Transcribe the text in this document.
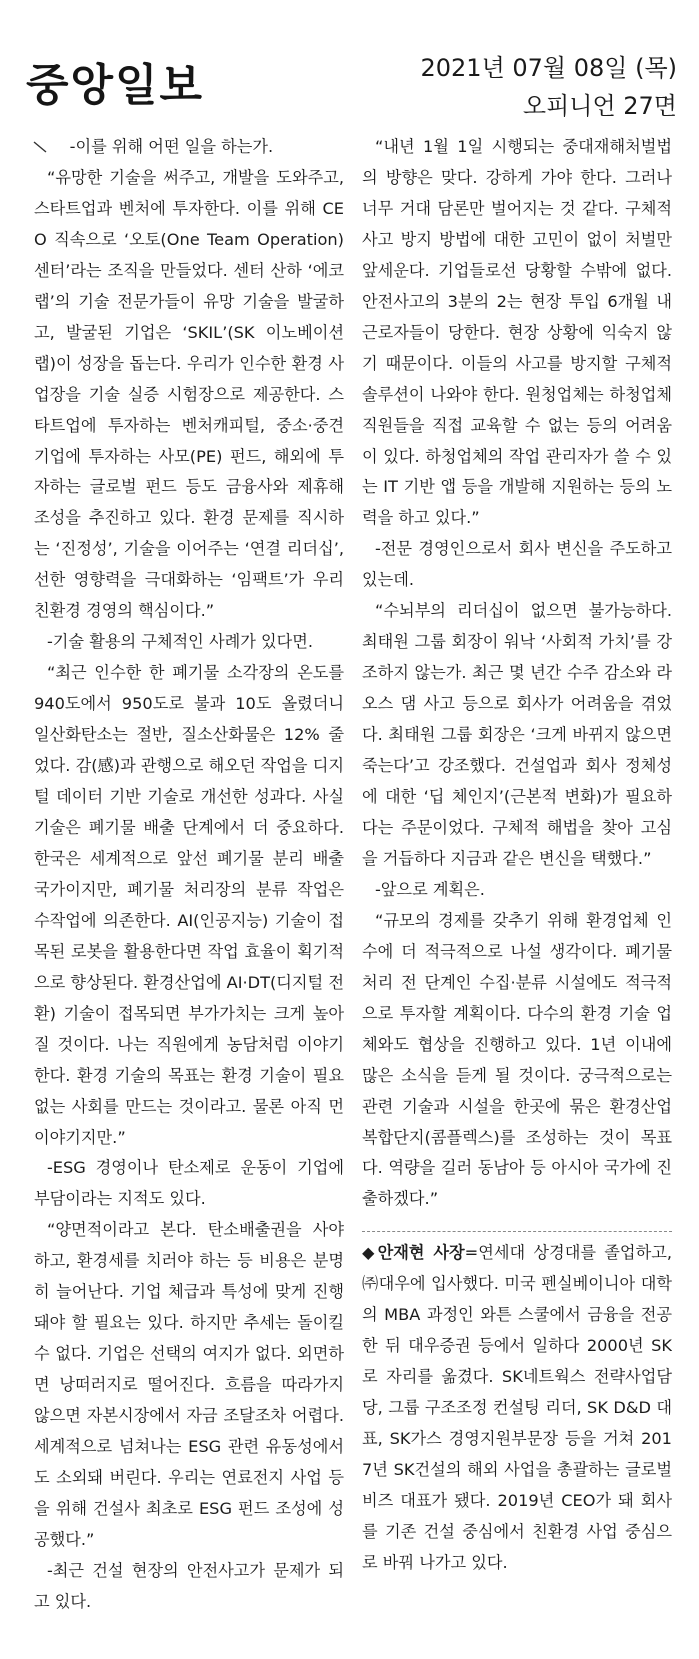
중앙일보	2021년 07월 08일 (목)
오피니언 27면

-이를 위해 어떤 일을 하는가.

“유망한 기술을 써주고, 개발을 도와주고, 스타트업과 벤처에 투자한다. 이를 위해 CEO 직속으로 ‘오토(One Team Operation) 센터’라는 조직을 만들었다. 센터 산하 ‘에코 랩’의 기술 전문가들이 유망 기술을 발굴하고, 발굴된 기업은 ‘SKIL’(SK 이노베이션 랩)이 성장을 돕는다. 우리가 인수한 환경 사업장을 기술 실증 시험장으로 제공한다. 스타트업에 투자하는 벤처캐피털, 중소·중견 기업에 투자하는 사모(PE) 펀드, 해외에 투자하는 글로벌 펀드 등도 금융사와 제휴해 조성을 추진하고 있다. 환경 문제를 직시하는 ‘진정성’, 기술을 이어주는 ‘연결 리더십’, 선한 영향력을 극대화하는 ‘임팩트’가 우리 친환경 경영의 핵심이다.”

-기술 활용의 구체적인 사례가 있다면.

“최근 인수한 한 폐기물 소각장의 온도를 940도에서 950도로 불과 10도 올렸더니 일산화탄소는 절반, 질소산화물은 12% 줄었다. 감(感)과 관행으로 해오던 작업을 디지털 데이터 기반 기술로 개선한 성과다. 사실 기술은 폐기물 배출 단계에서 더 중요하다. 한국은 세계적으로 앞선 폐기물 분리 배출 국가이지만, 폐기물 처리장의 분류 작업은 수작업에 의존한다. AI(인공지능) 기술이 접목된 로봇을 활용한다면 작업 효율이 획기적으로 향상된다. 환경산업에 AI·DT(디지털 전환) 기술이 접목되면 부가가치는 크게 높아질 것이다. 나는 직원에게 농담처럼 이야기한다. 환경 기술의 목표는 환경 기술이 필요 없는 사회를 만드는 것이라고. 물론 아직 먼 이야기지만.”

-ESG 경영이나 탄소제로 운동이 기업에 부담이라는 지적도 있다.

“양면적이라고 본다. 탄소배출권을 사야 하고, 환경세를 치러야 하는 등 비용은 분명히 늘어난다. 기업 체급과 특성에 맞게 진행돼야 할 필요는 있다. 하지만 추세는 돌이킬 수 없다. 기업은 선택의 여지가 없다. 외면하면 낭떠러지로 떨어진다. 흐름을 따라가지 않으면 자본시장에서 자금 조달조차 어렵다. 세계적으로 넘쳐나는 ESG 관련 유동성에서도 소외돼 버린다. 우리는 연료전지 사업 등을 위해 건설사 최초로 ESG 펀드 조성에 성공했다.”

-최근 건설 현장의 안전사고가 문제가 되고 있다.

“내년 1월 1일 시행되는 중대재해처벌법의 방향은 맞다. 강하게 가야 한다. 그러나 너무 거대 담론만 벌어지는 것 같다. 구체적 사고 방지 방법에 대한 고민이 없이 처벌만 앞세운다. 기업들로선 당황할 수밖에 없다. 안전사고의 3분의 2는 현장 투입 6개월 내 근로자들이 당한다. 현장 상황에 익숙지 않기 때문이다. 이들의 사고를 방지할 구체적 솔루션이 나와야 한다. 원청업체는 하청업체 직원들을 직접 교육할 수 없는 등의 어려움이 있다. 하청업체의 작업 관리자가 쓸 수 있는 IT 기반 앱 등을 개발해 지원하는 등의 노력을 하고 있다.”

-전문 경영인으로서 회사 변신을 주도하고 있는데.

“수뇌부의 리더십이 없으면 불가능하다. 최태원 그룹 회장이 워낙 ‘사회적 가치’를 강조하지 않는가. 최근 몇 년간 수주 감소와 라오스 댐 사고 등으로 회사가 어려움을 겪었다. 최태원 그룹 회장은 ‘크게 바뀌지 않으면 죽는다’고 강조했다. 건설업과 회사 정체성에 대한 ‘딥 체인지’(근본적 변화)가 필요하다는 주문이었다. 구체적 해법을 찾아 고심을 거듭하다 지금과 같은 변신을 택했다.”

-앞으로 계획은.

“규모의 경제를 갖추기 위해 환경업체 인수에 더 적극적으로 나설 생각이다. 폐기물 처리 전 단계인 수집·분류 시설에도 적극적으로 투자할 계획이다. 다수의 환경 기술 업체와도 협상을 진행하고 있다. 1년 이내에 많은 소식을 듣게 될 것이다. 궁극적으로는 관련 기술과 시설을 한곳에 묶은 환경산업 복합단지(콤플렉스)를 조성하는 것이 목표다. 역량을 길러 동남아 등 아시아 국가에 진출하겠다.”

◆안재현 사장=연세대 상경대를 졸업하고, ㈜대우에 입사했다. 미국 펜실베이니아 대학의 MBA 과정인 와튼 스쿨에서 금융을 전공한 뒤 대우증권 등에서 일하다 2000년 SK로 자리를 옮겼다. SK네트웍스 전략사업담당, 그룹 구조조정 컨설팅 리더, SK D&D 대표, SK가스 경영지원부문장 등을 거쳐 2017년 SK건설의 해외 사업을 총괄하는 글로벌비즈 대표가 됐다. 2019년 CEO가 돼 회사를 기존 건설 중심에서 친환경 사업 중심으로 바꿔 나가고 있다.
